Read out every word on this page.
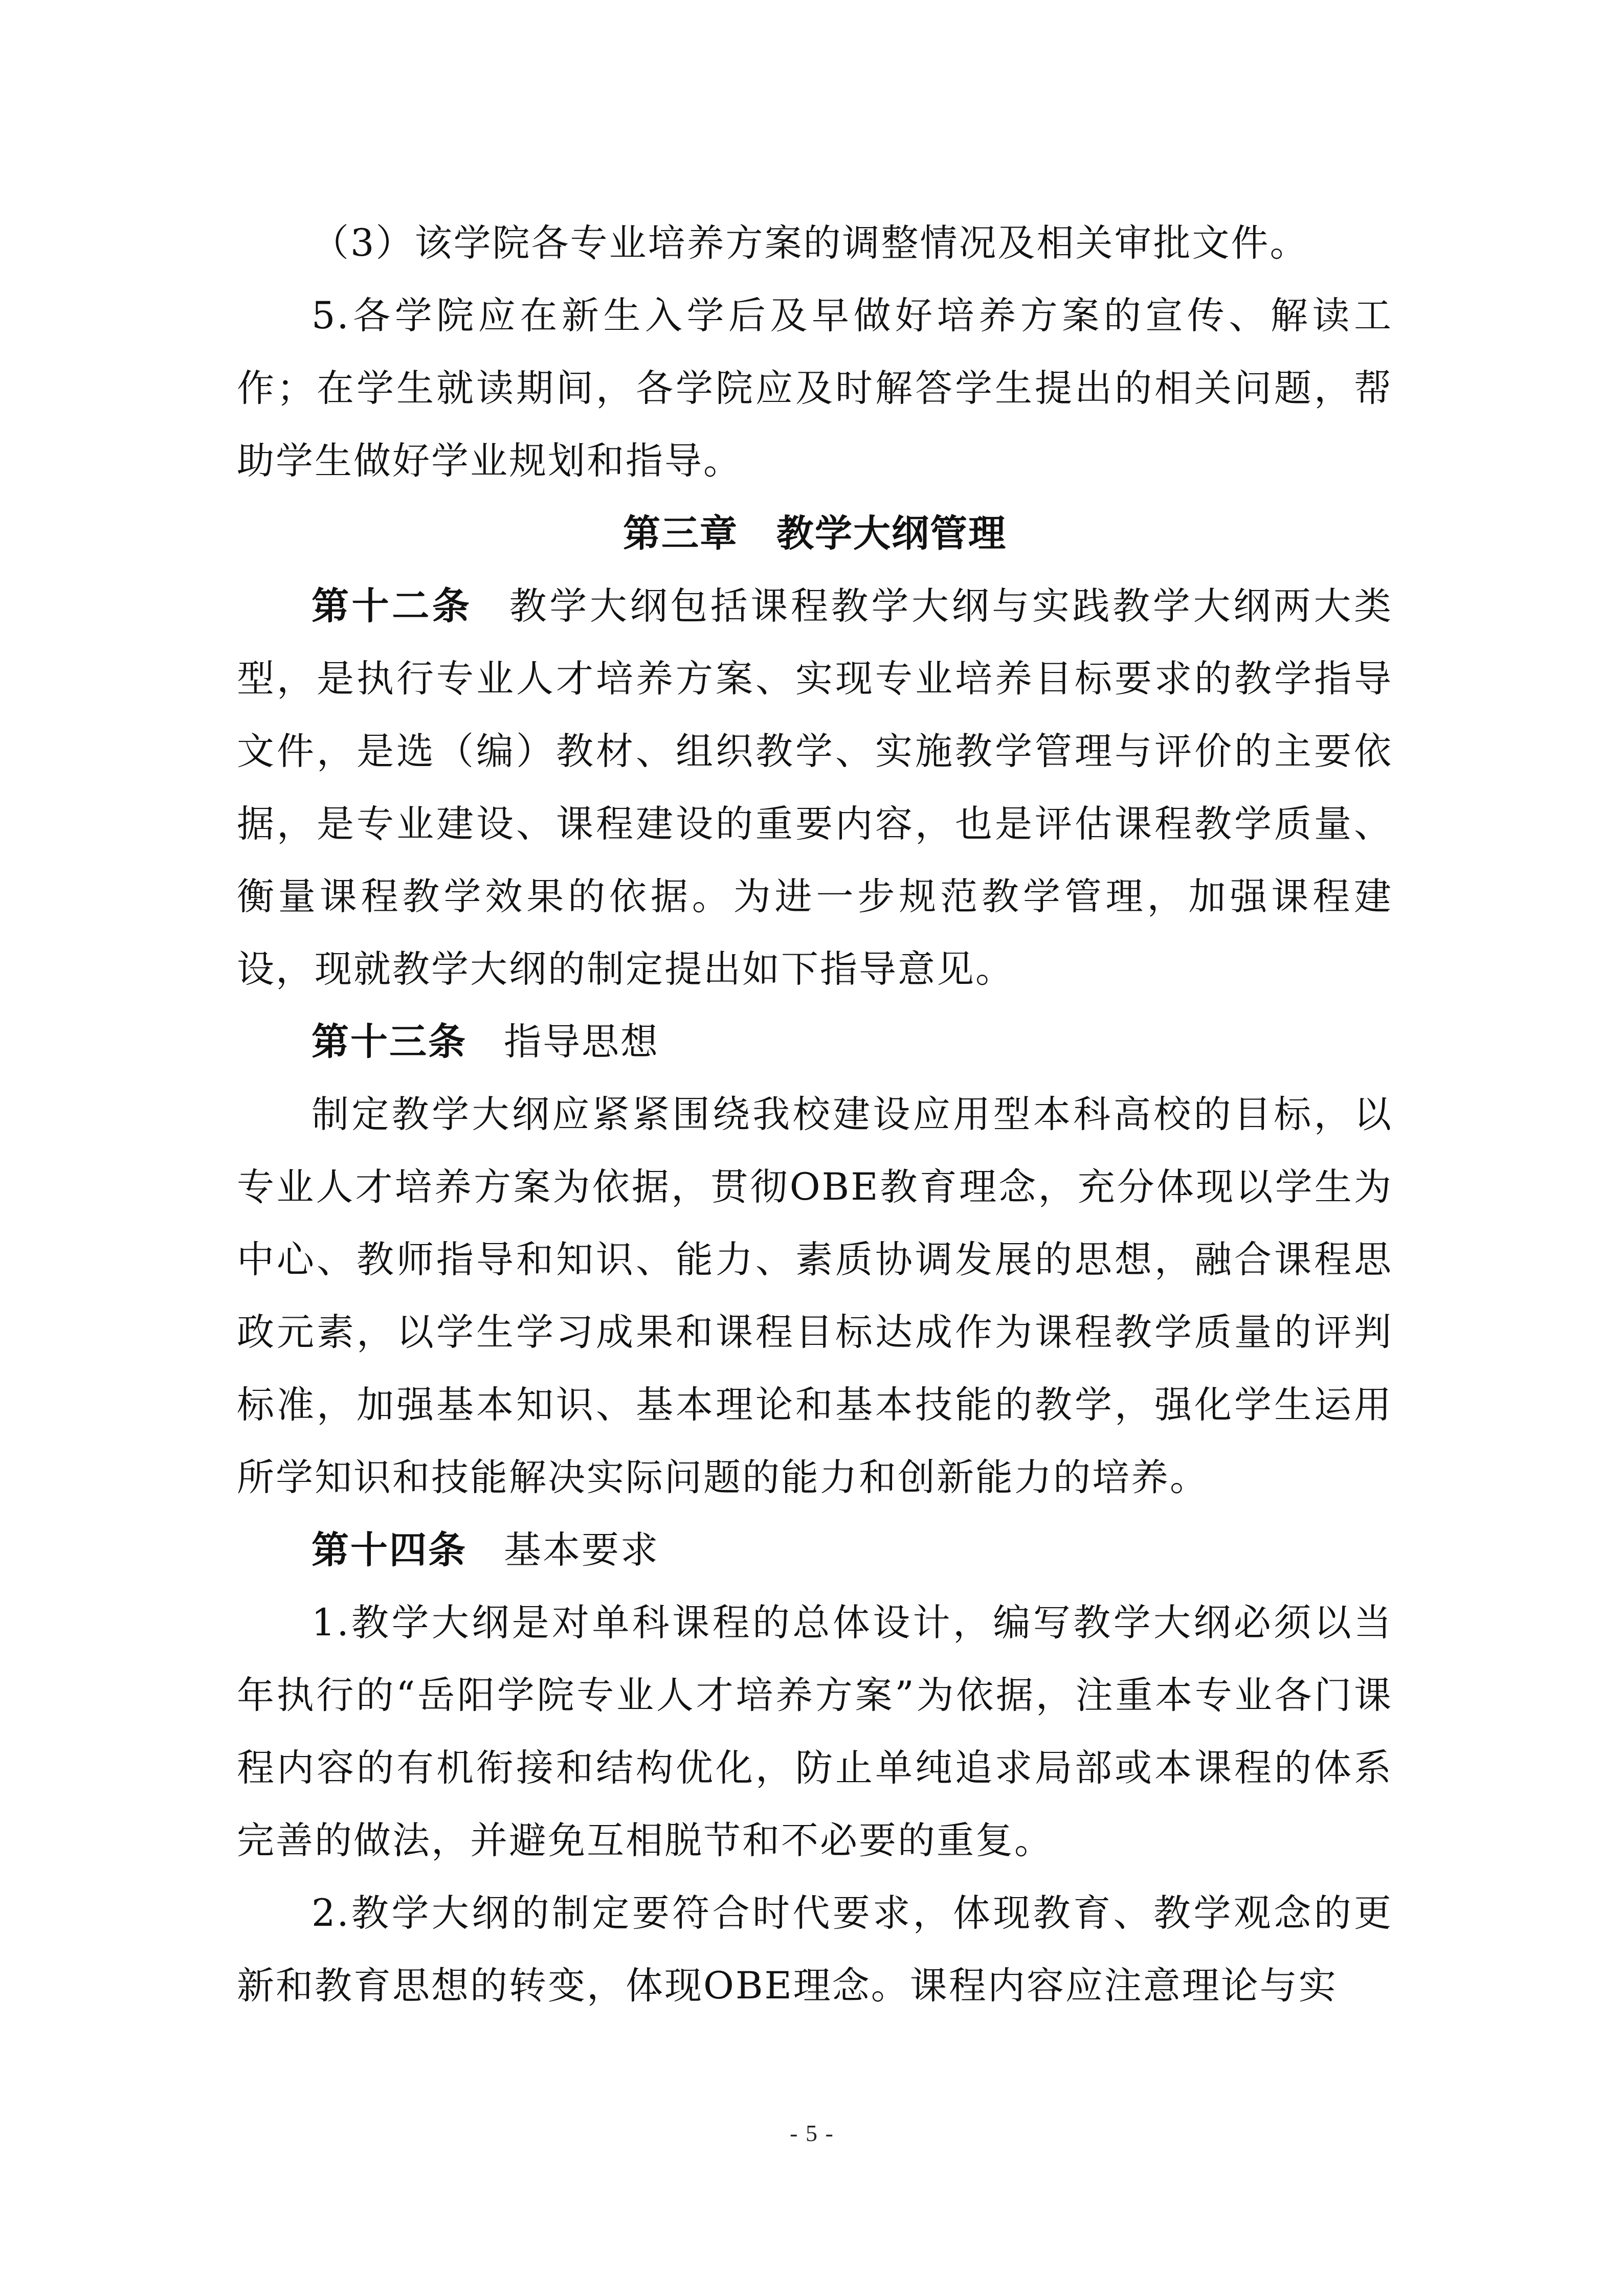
（3）该学院各专业培养方案的调整情况及相关审批文件。

5.各学院应在新生入学后及早做好培养方案的宣传、解读工作；在学生就读期间，各学院应及时解答学生提出的相关问题，帮助学生做好学业规划和指导。

第三章　教学大纲管理

第十二条 教学大纲包括课程教学大纲与实践教学大纲两大类型，是执行专业人才培养方案、实现专业培养目标要求的教学指导文件，是选（编）教材、组织教学、实施教学管理与评价的主要依据，是专业建设、课程建设的重要内容，也是评估课程教学质量、衡量课程教学效果的依据。为进一步规范教学管理，加强课程建设，现就教学大纲的制定提出如下指导意见。

第十三条 指导思想

制定教学大纲应紧紧围绕我校建设应用型本科高校的目标，以专业人才培养方案为依据，贯彻OBE教育理念，充分体现以学生为中心、教师指导和知识、能力、素质协调发展的思想，融合课程思政元素，以学生学习成果和课程目标达成作为课程教学质量的评判标准，加强基本知识、基本理论和基本技能的教学，强化学生运用所学知识和技能解决实际问题的能力和创新能力的培养。

第十四条 基本要求

1.教学大纲是对单科课程的总体设计，编写教学大纲必须以当年执行的“岳阳学院专业人才培养方案”为依据，注重本专业各门课程内容的有机衔接和结构优化，防止单纯追求局部或本课程的体系完善的做法，并避免互相脱节和不必要的重复。

2.教学大纲的制定要符合时代要求，体现教育、教学观念的更新和教育思想的转变，体现OBE理念。课程内容应注意理论与实

- 5 -
